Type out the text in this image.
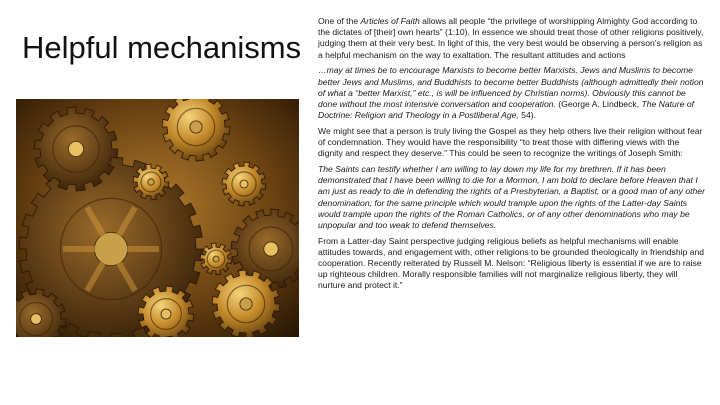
Helpful mechanisms

One of the Articles of Faith allows all people “the privilege of worshipping Almighty God according to the dictates of [their] own hearts” (1:10). In essence we should treat those of other religions positively, judging them at their very best. In light of this, the very best would be observing a person’s religion as a helpful mechanism on the way to exaltation. The resultant attitudes and actions

…may at times be to encourage Marxists to become better Marxists, Jews and Muslims to become better Jews and Muslims, and Buddhists to become better Buddhists (although admittedly their notion of what a “better Marxist,” etc., is will be influenced by Christian norms). Obviously this cannot be done without the most intensive conversation and cooperation. (George A. Lindbeck, The Nature of Doctrine: Religion and Theology in a Postliberal Age, 54).

We might see that a person is truly living the Gospel as they help others live their religion without fear of condemnation. They would have the responsibility “to treat those with differing views with the dignity and respect they deserve.” This could be seen to recognize the writings of Joseph Smith:

The Saints can testify whether I am willing to lay down my life for my brethren. If it has been demonstrated that I have been willing to die for a Mormon, I am bold to declare before Heaven that I am just as ready to die in defending the rights of a Presbyterian, a Baptist, or a good man of any other denomination; for the same principle which would trample upon the rights of the Latter-day Saints would trample upon the rights of the Roman Catholics, or of any other denominations who may be unpopular and too weak to defend themselves.

From a Latter-day Saint perspective judging religious beliefs as helpful mechanisms will enable attitudes towards, and engagement with, other religions to be grounded theologically in friendship and cooperation. Recently reiterated by Russell M. Nelson: “Religious liberty is essential if we are to raise up righteous children. Morally responsible families will not marginalize religious liberty, they will nurture and protect it.”
